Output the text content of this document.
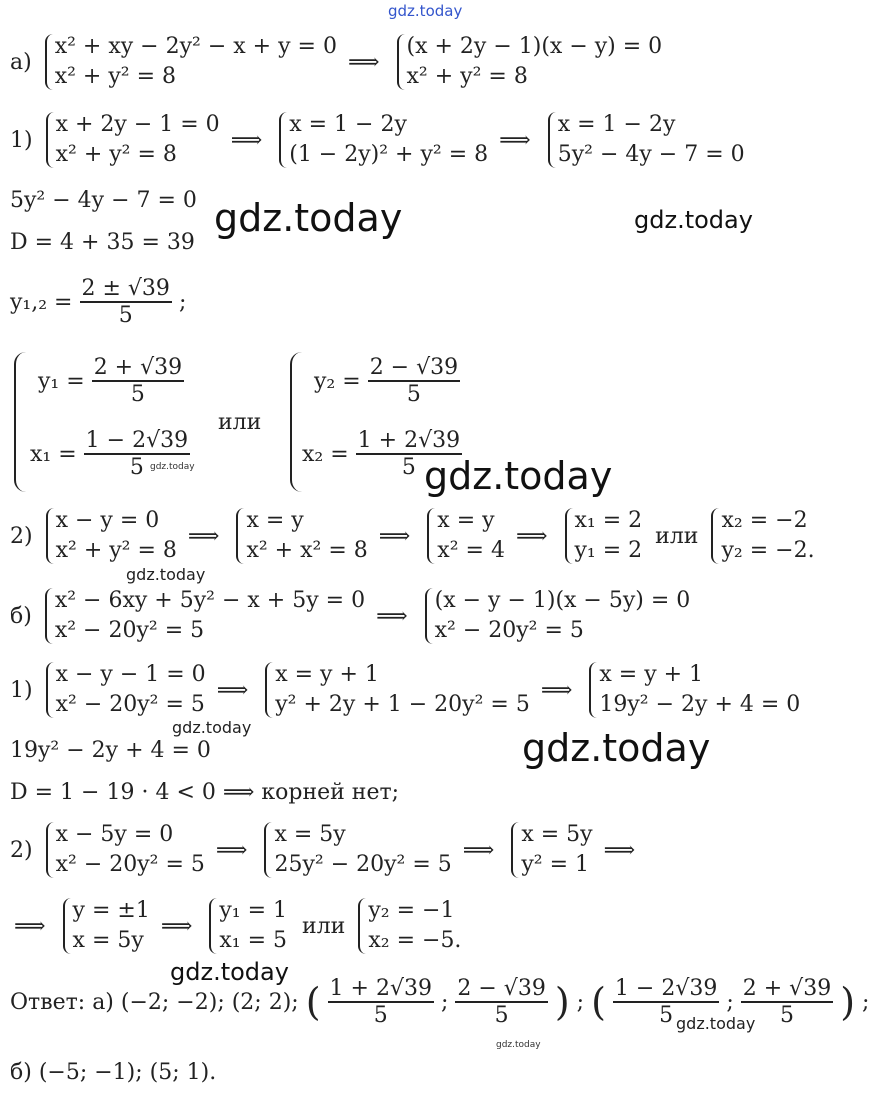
gdz.today
а)
x² + xy − 2y² − x + y = 0
x² + y² = 8
⟹
(x + 2y − 1)(x − y) = 0
x² + y² = 8
1)
x + 2y − 1 = 0
x² + y² = 8
⟹
x = 1 − 2y
(1 − 2y)² + y² = 8
⟹
x = 1 − 2y
5y² − 4y − 7 = 0
5y² − 4y − 7 = 0 gdz.today	gdz.today
D = 4 + 35 = 39
$y_1,_2 = \frac{2 \pm √39}{5}$ ;
$y_1 = \frac{2 + √39}{5}$
$x_1 = \frac{1 - 2√39}{5}$
gdz.today
или
$y_2 = \frac{2 - √39}{5}$
$x_2 = \frac{1 + 2√39}{5}$
gdz.today
2)
x − y = 0
x² + y² = 8
⟹
x = y
x² + x² = 8
⟹
x = y
x² = 4
⟹
x₁ = 2
y₁ = 2
или
x₂ = −2
y₂ = −2.
gdz.today
б)
x² − 6xy + 5y² − x + 5y = 0
x² − 20y² = 5
⟹
(x − y − 1)(x − 5y) = 0
x² − 20y² = 5
1)
x − y − 1 = 0
x² − 20y² = 5
⟹
x = y + 1
y² + 2y + 1 − 20y² = 5
⟹
x = y + 1
19y² − 2y + 4 = 0
gdz.today
19y² − 2y + 4 = 0	gdz.today
D = 1 − 19 · 4 < 0 ⟹ корней нет;
2)
x − 5y = 0
x² − 20y² = 5
⟹
x = 5y
25y² − 20y² = 5
⟹
x = 5y
y² = 1
⟹
⟹
y = ±1
x = 5y
⟹
y₁ = 1
x₁ = 5
или
y₂ = −1
x₂ = −5.
gdz.today
Ответ: а) (−2; −2); (2; 2); ( $\frac{1 + 2√39}{5}$ ; $\frac{2 - √39}{5}$ ) ; ( $\frac{1 - 2√39}{5}$ ; $\frac{2 + √39}{5}$ ) ;
gdz.today
gdz.today
б) (−5; −1); (5; 1).
